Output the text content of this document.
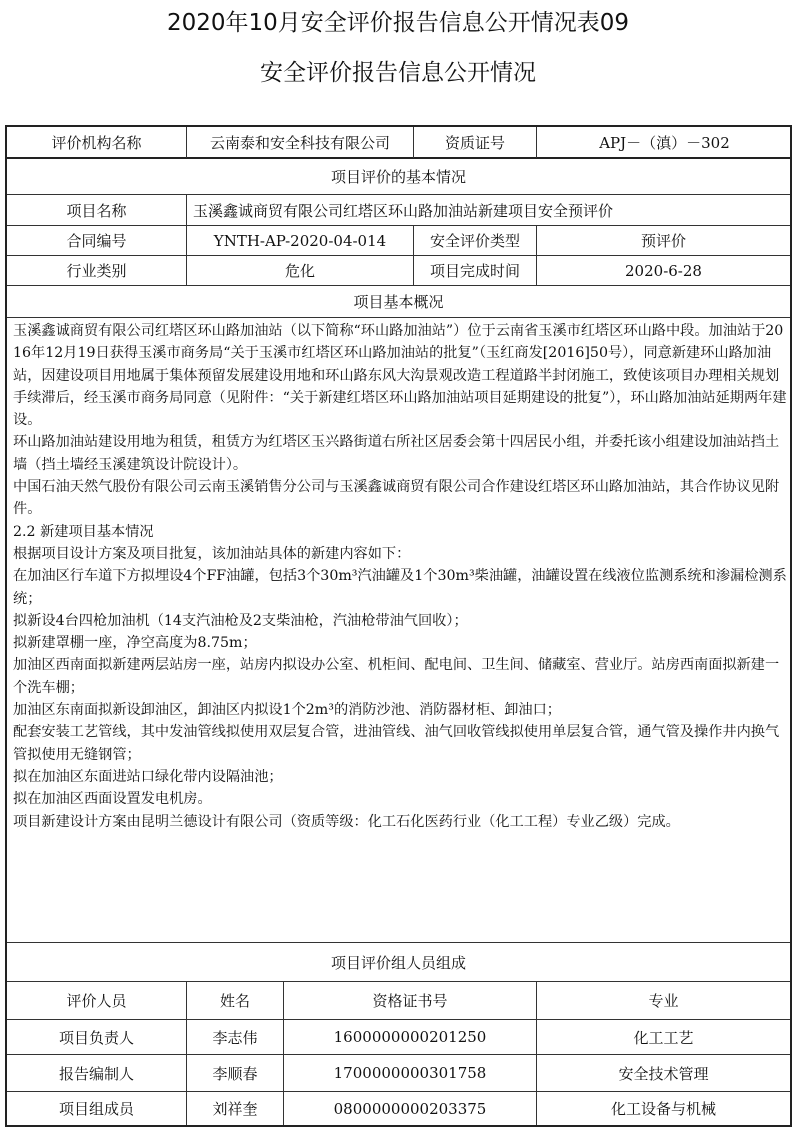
2020年10月安全评价报告信息公开情况表09
安全评价报告信息公开情况
评价机构名称	云南泰和安全科技有限公司	资质证号	APJ－（滇）－302
项目评价的基本情况
项目名称	玉溪鑫诚商贸有限公司红塔区环山路加油站新建项目安全预评价
合同编号	YNTH-AP-2020-04-014	安全评价类型	预评价
行业类别	危化	项目完成时间	2020-6-28
项目基本概况

玉溪鑫诚商贸有限公司红塔区环山路加油站（以下简称“环山路加油站”）位于云南省玉溪市红塔区环山路中段。加油站于2016年12月19日获得玉溪市商务局“关于玉溪市红塔区环山路加油站的批复”（玉红商发[2016]50号），同意新建环山路加油站，因建设项目用地属于集体预留发展建设用地和环山路东风大沟景观改造工程道路半封闭施工，致使该项目办理相关规划手续滞后，经玉溪市商务局同意（见附件：“关于新建红塔区环山路加油站项目延期建设的批复”），环山路加油站延期两年建设。

环山路加油站建设用地为租赁，租赁方为红塔区玉兴路街道右所社区居委会第十四居民小组，并委托该小组建设加油站挡土墙（挡土墙经玉溪建筑设计院设计）。

中国石油天然气股份有限公司云南玉溪销售分公司与玉溪鑫诚商贸有限公司合作建设红塔区环山路加油站，其合作协议见附件。

2.2 新建项目基本情况

根据项目设计方案及项目批复，该加油站具体的新建内容如下：

在加油区行车道下方拟埋设4个FF油罐，包括3个30m³汽油罐及1个30m³柴油罐，油罐设置在线液位监测系统和渗漏检测系统；

拟新设4台四枪加油机（14支汽油枪及2支柴油枪，汽油枪带油气回收）；

拟新建罩棚一座，净空高度为8.75m；

加油区西南面拟新建两层站房一座，站房内拟设办公室、机柜间、配电间、卫生间、储藏室、营业厅。站房西南面拟新建一个洗车棚；

加油区东南面拟新设卸油区，卸油区内拟设1个2m³的消防沙池、消防器材柜、卸油口；

配套安装工艺管线，其中发油管线拟使用双层复合管，进油管线、油气回收管线拟使用单层复合管，通气管及操作井内换气管拟使用无缝钢管；

拟在加油区东面进站口绿化带内设隔油池；

拟在加油区西面设置发电机房。

项目新建设计方案由昆明兰德设计有限公司（资质等级：化工石化医药行业（化工工程）专业乙级）完成。

项目评价组人员组成
评价人员	姓名	资格证书号	专业
项目负责人	李志伟	1600000000201250	化工工艺
报告编制人	李顺春	1700000000301758	安全技术管理
项目组成员	刘祥奎	0800000000203375	化工设备与机械
